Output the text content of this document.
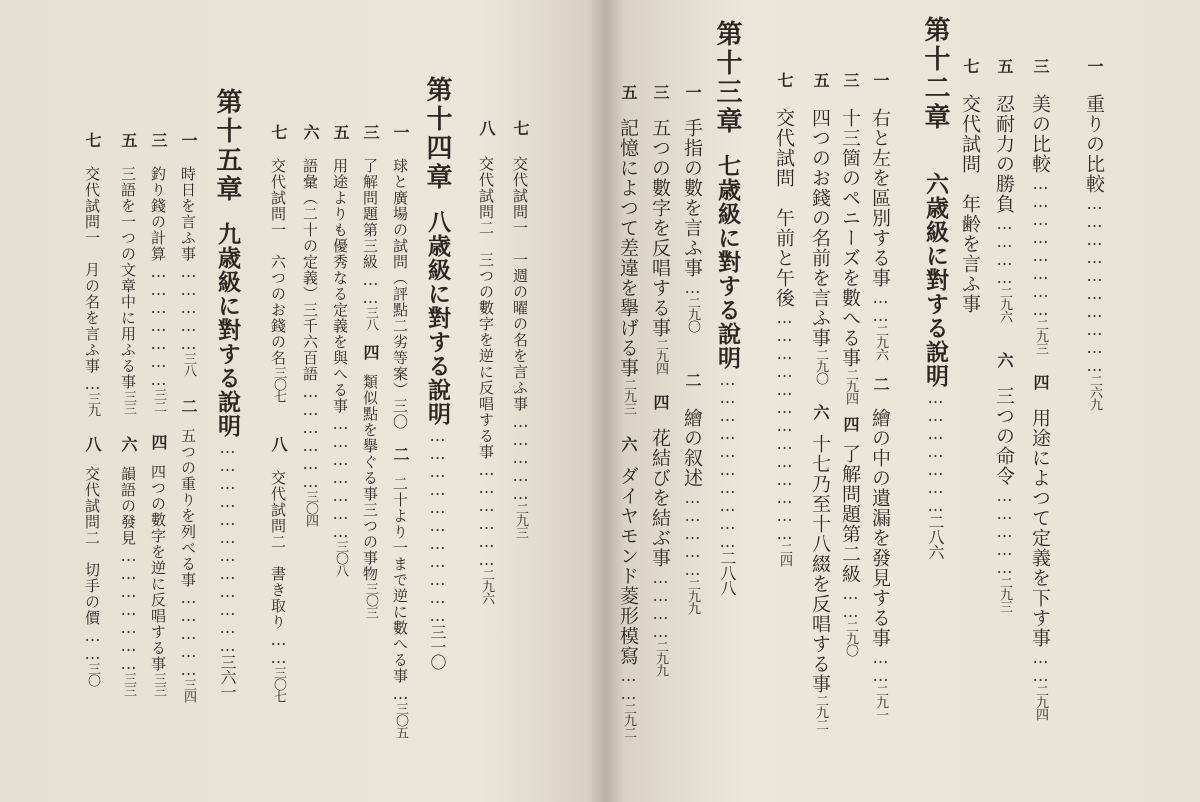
第十二章六歳級に對する說明…………………二八六
一重りの比較…………………………二六九
三美の比較……………………二九三四用途によつて定義を下す事……二九四
五忍耐力の勝負…………二九六六三つの命令……………二九三
七交代試問　年齢を言ふ事
第十三章七歳級に對する說明…………………………二八八
一右と左を區別する事……二九六二繪の中の遺漏を發見する事……二九一
三十三箇のペニーズを數へる事二九四四了解問題第二級……二九〇
五四つのお錢の名前を言ふ事二九〇六十七乃至十八綴を反唱する事二九二
七交代試問　午前と午後…………………………………二四
一手指の數を言ふ事…二九〇二繪の叙述……………二九九
三五つの數字を反唱する事二九四四花結びを結ぶ事…………二九九
五記憶によつて差違を擧げる事二九三六ダイヤモンド菱形模寫……二九二
七交代試問一　一週の曜の名を言ふ事……………二九三
八交代試問二　三つの數字を逆に反唱する事………………二九六
第十四章八歳級に對する說明……………………………三一〇
一球と廣場の試問（評點二劣等案）三〇二二十より一まで逆に數へる事…三〇五
三了解問題第三級……三八四類似點を擧ぐる事三つの事物三〇三
五用途よりも優秀なる定義を與へる事…………………三〇八
六語彙（二十の定義）三千六百語………………三〇四
七交代試問一　六つのお錢の名三〇七八交代試問二　書き取り……三〇七
第十五章九歳級に對する說明………………………………三六一
一時日を言ふ事……………三八二五つの重りを列べる事……………三四
三釣り錢の計算…………………三二四四つの數字を逆に反唱する事三三
五三語を一つの文章中に用ふる事三三六韻語の發見…………………三三
七交代試問一　月の名を言ふ事…三九八交代試問二　切手の價……三〇
